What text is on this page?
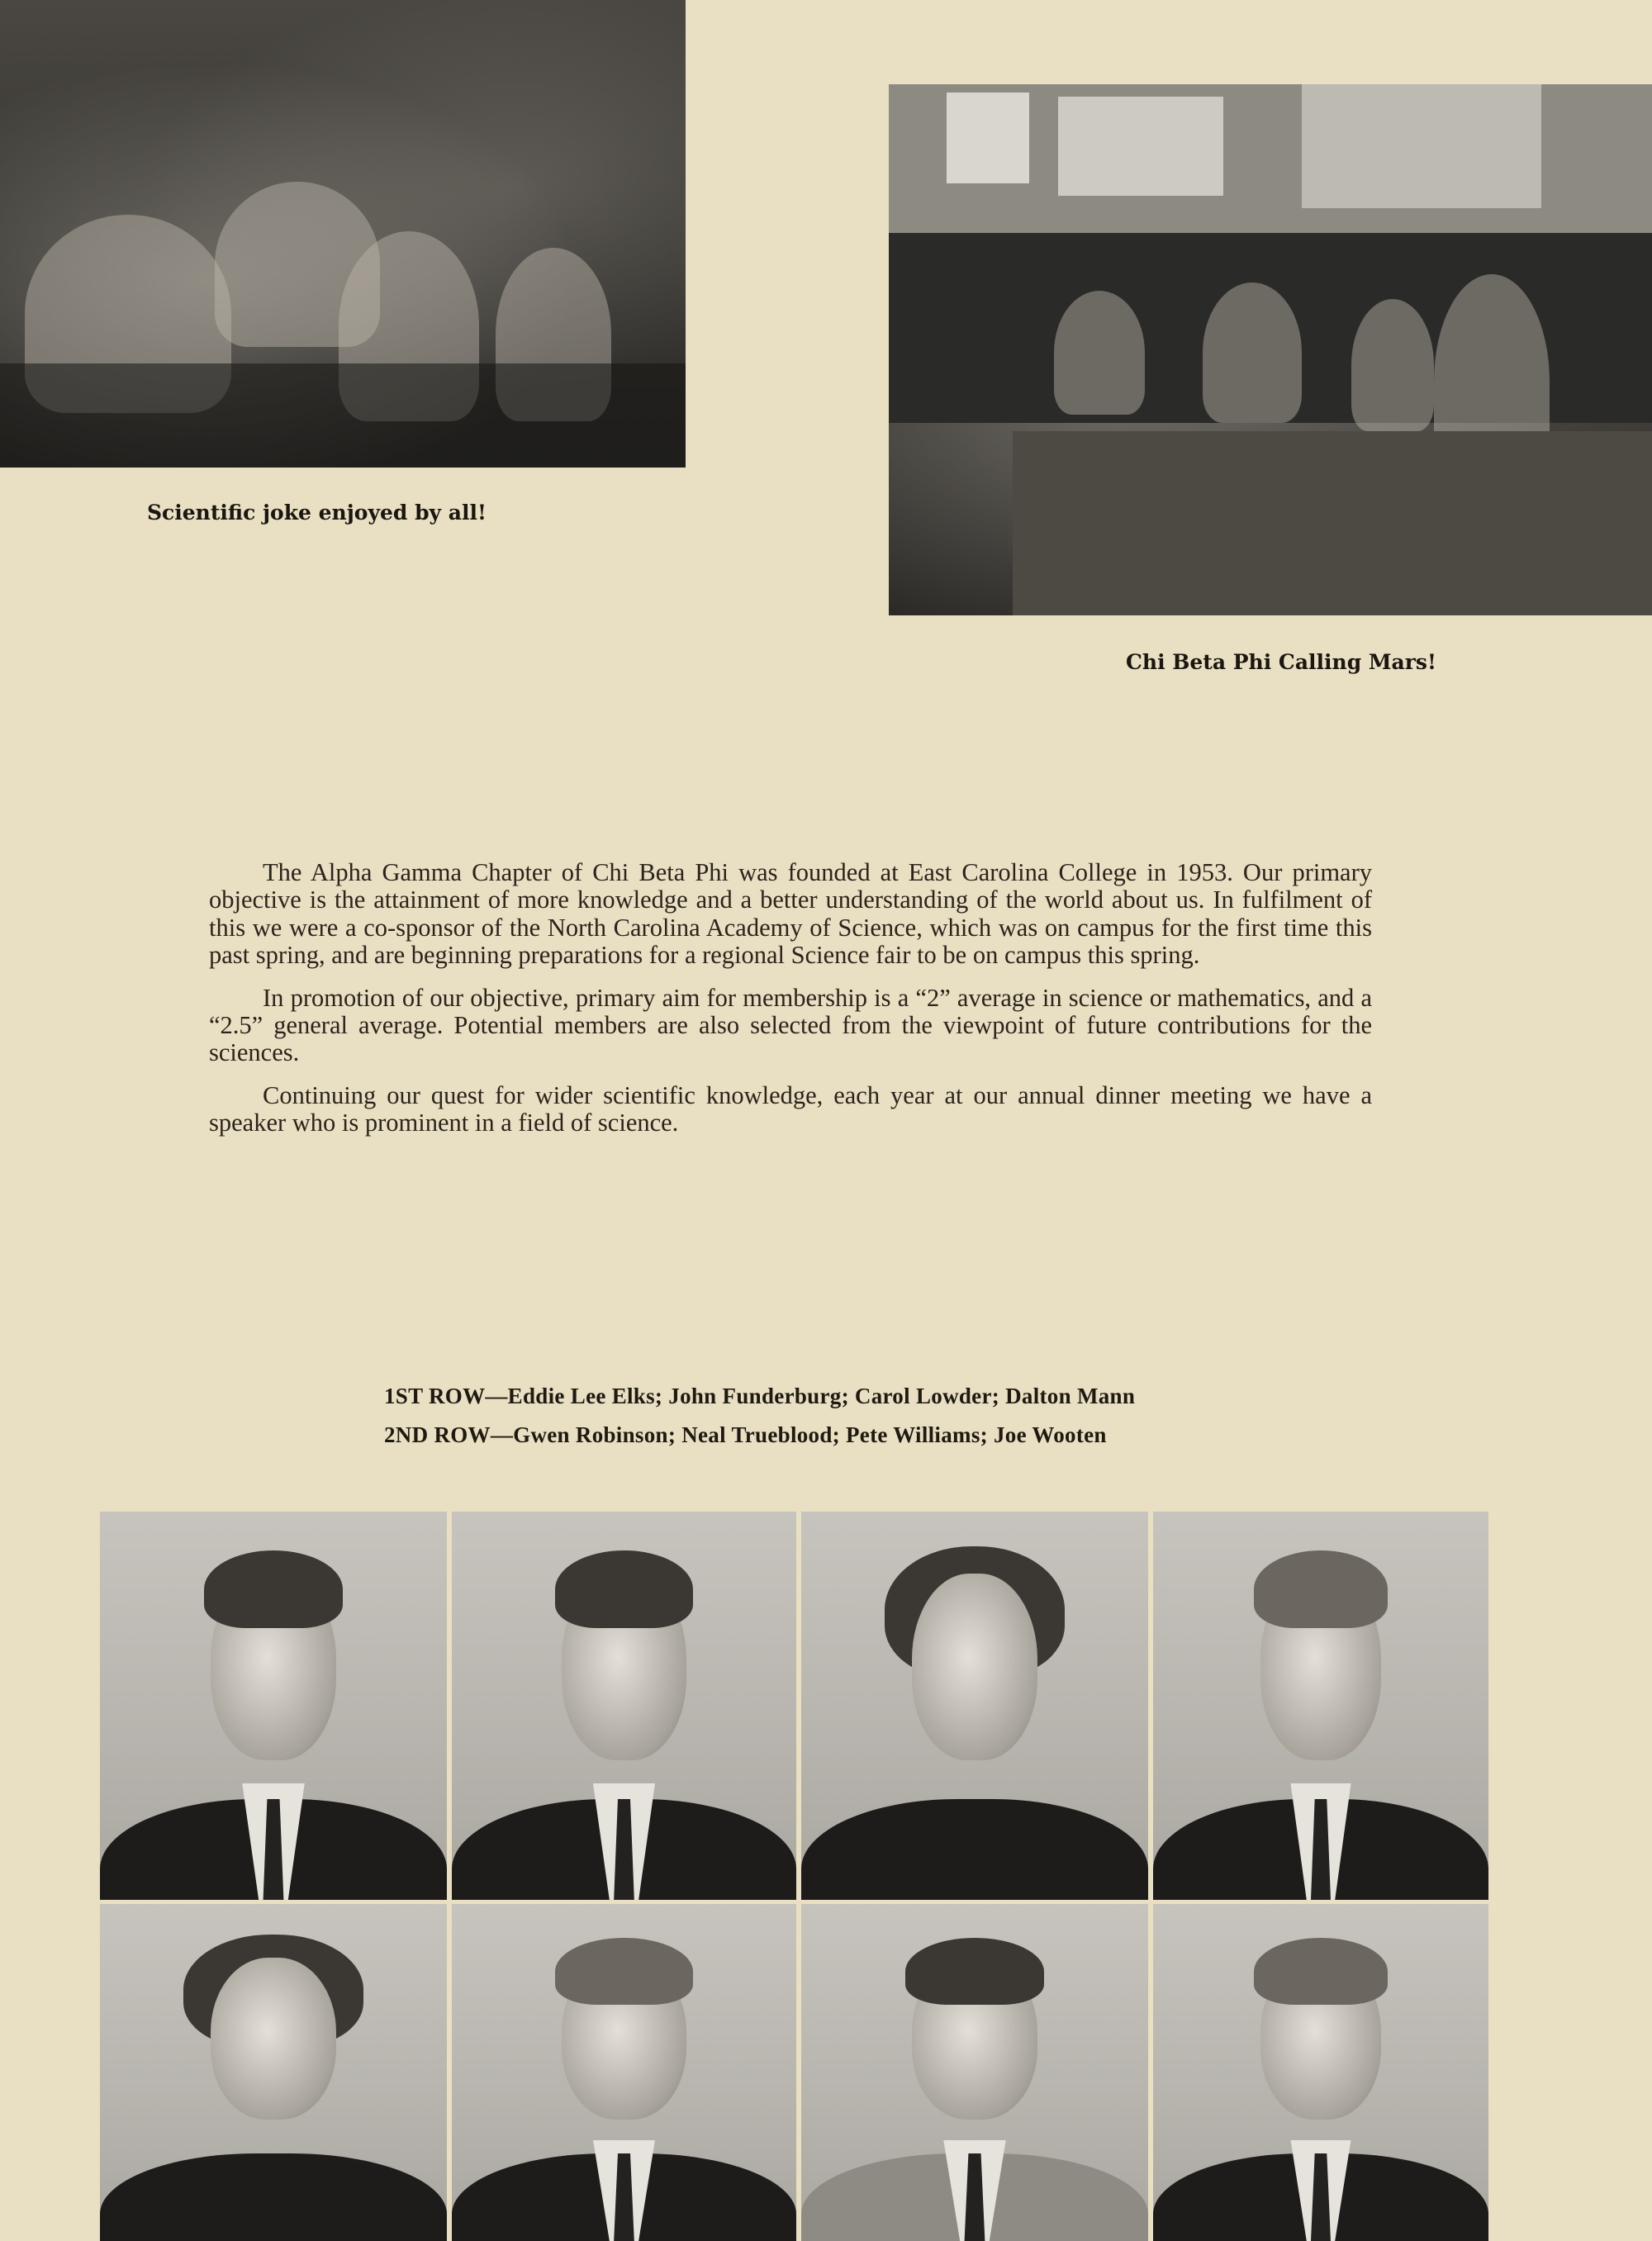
Scientific joke enjoyed by all!
Chi Beta Phi Calling Mars!

The Alpha Gamma Chapter of Chi Beta Phi was founded at East Carolina College in 1953. Our primary objective is the attainment of more knowledge and a better understanding of the world about us. In fulfilment of this we were a co-sponsor of the North Carolina Academy of Science, which was on campus for the first time this past spring, and are beginning preparations for a regional Science fair to be on campus this spring.

In promotion of our objective, primary aim for membership is a “2” average in science or mathematics, and a “2.5” general average. Potential members are also selected from the viewpoint of future contributions for the sciences.

Continuing our quest for wider scientific knowledge, each year at our annual dinner meeting we have a speaker who is prominent in a field of science.

1ST ROW—Eddie Lee Elks; John Funderburg; Carol Lowder; Dalton Mann
2ND ROW—Gwen Robinson; Neal Trueblood; Pete Williams; Joe Wooten
